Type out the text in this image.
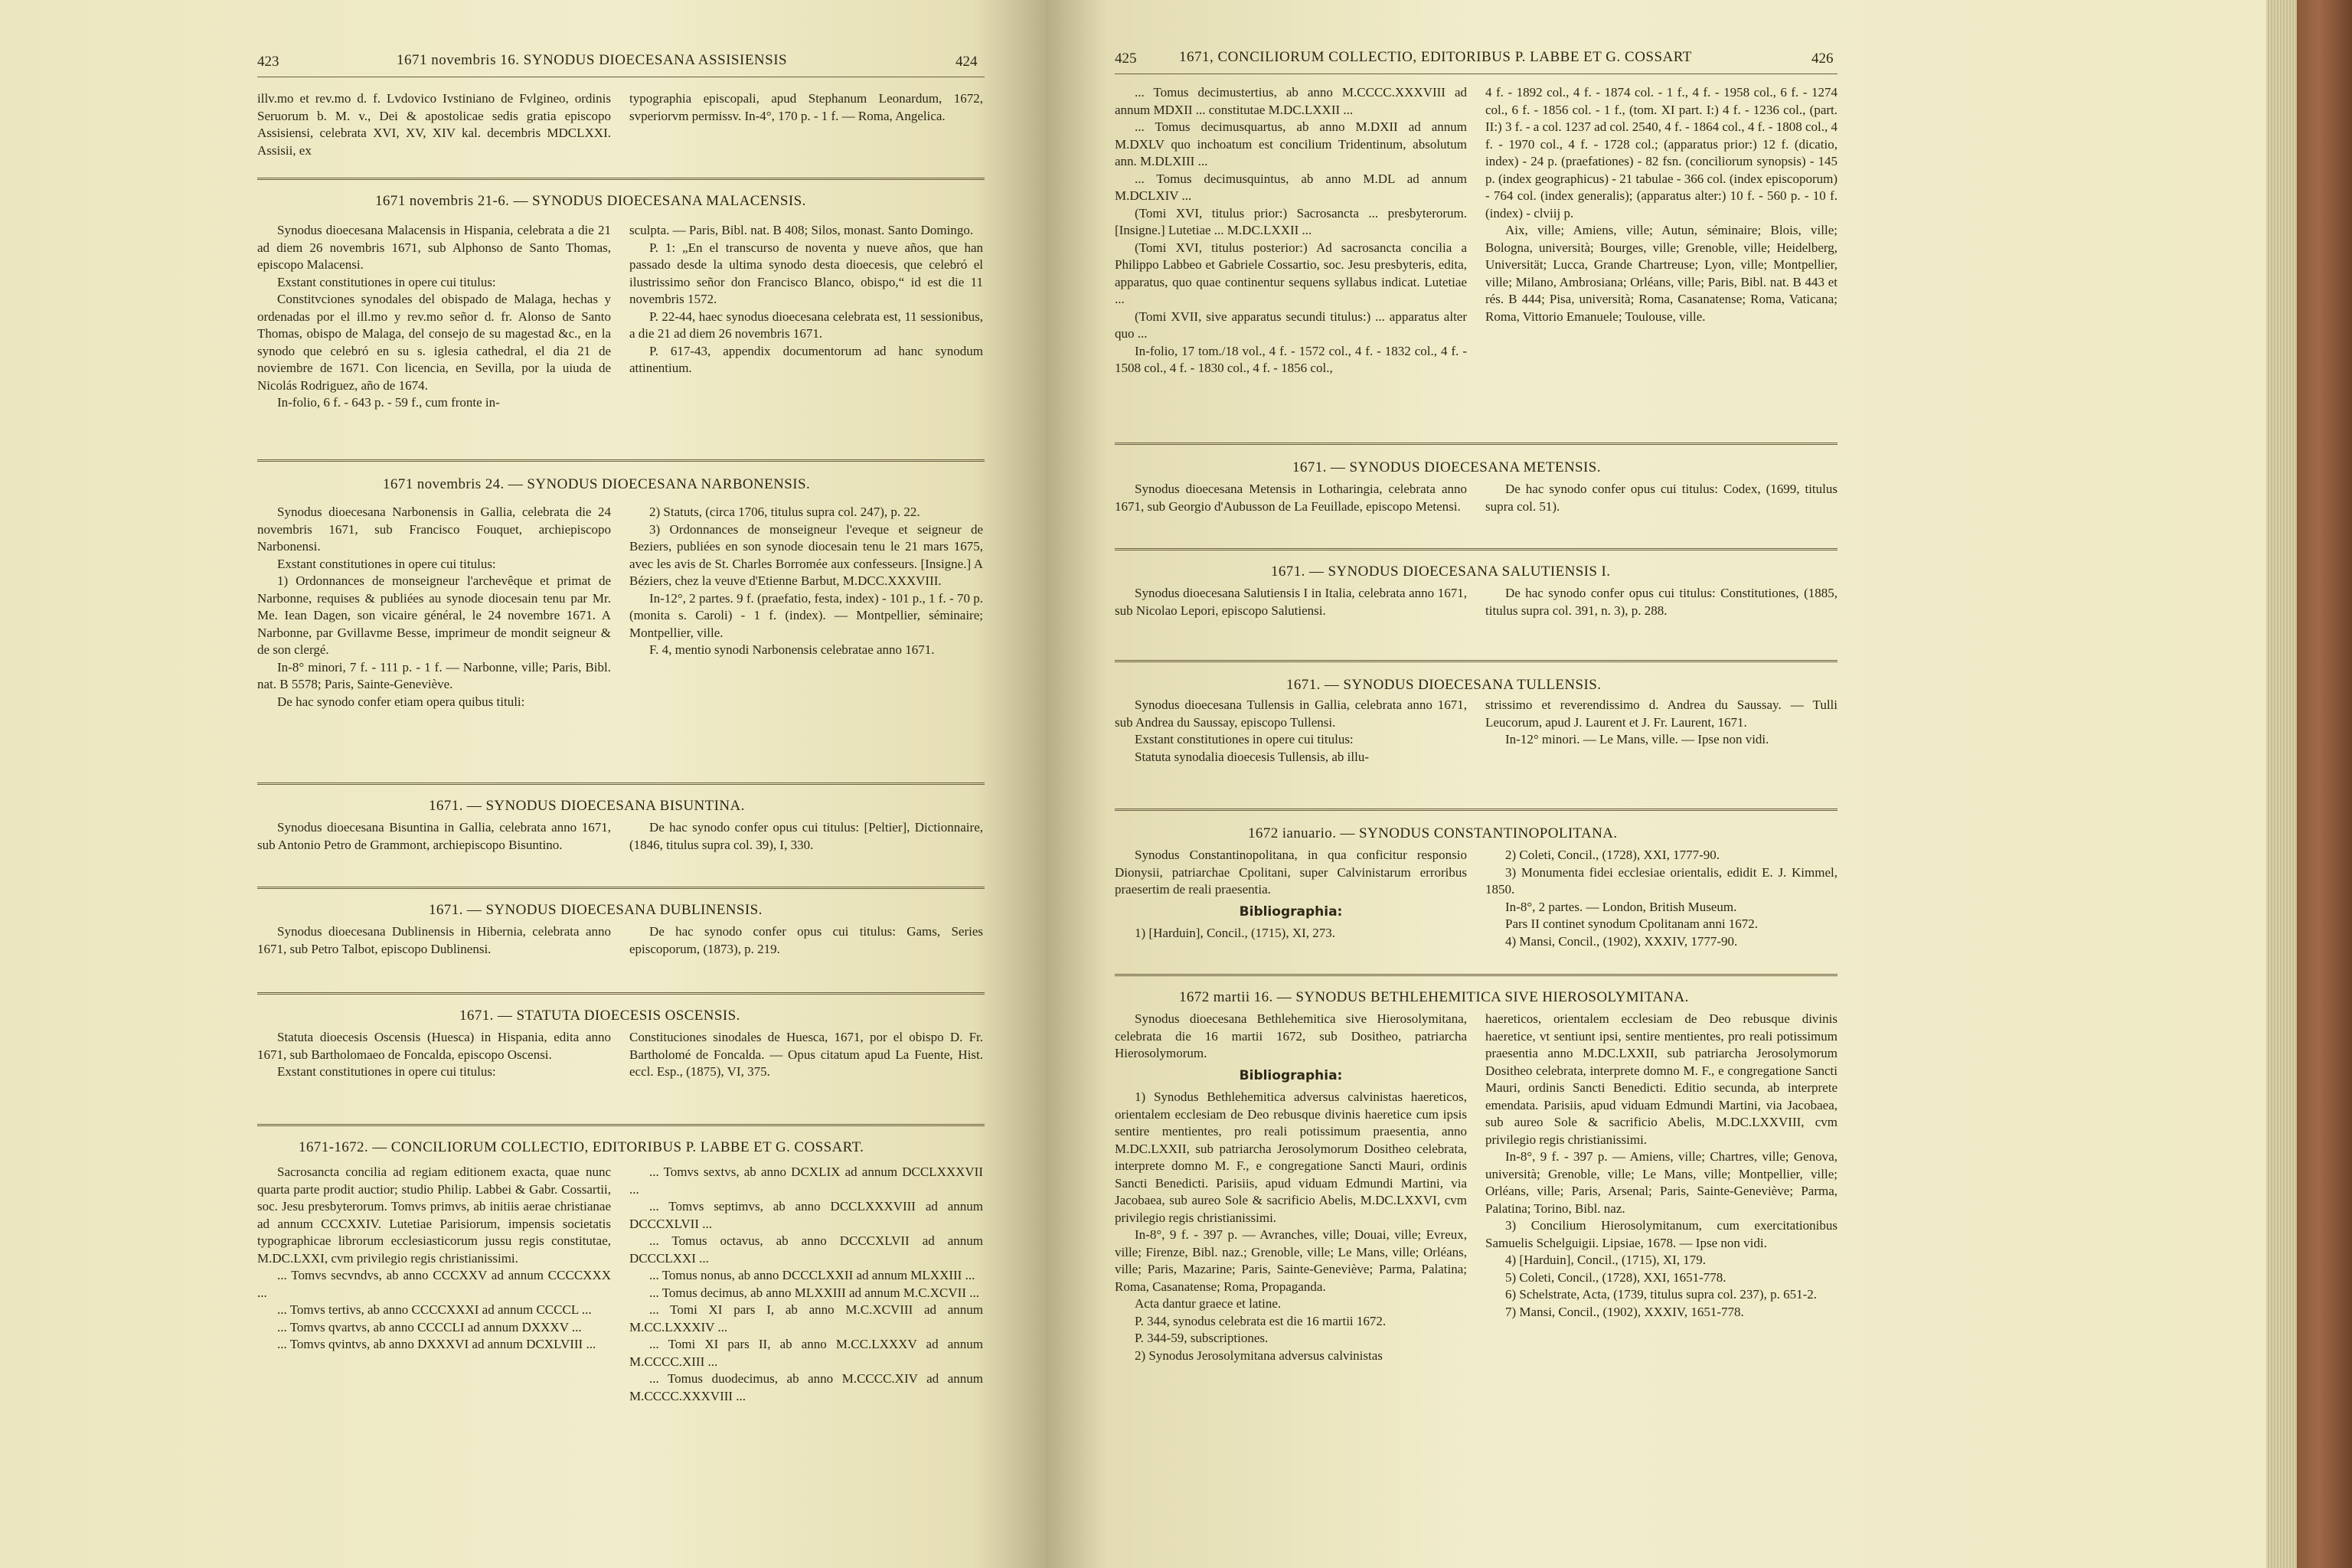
423	1671 novembris 16. SYNODUS DIOECESANA ASSISIENSIS	424

illv.mo et rev.mo d. f. Lvdovico Ivstiniano de Fvlgineo, ordinis Seruorum b. M. v., Dei & apostolicae sedis gratia episcopo Assisiensi, celebrata XVI, XV, XIV kal. decembris MDCLXXI. Assisii, ex

typographia episcopali, apud Stephanum Leonardum, 1672, svperiorvm permissv. In-4°, 170 p. - 1 f. — Roma, Angelica.

1671 novembris 21-6. — SYNODUS DIOECESANA MALACENSIS.

Synodus dioecesana Malacensis in Hispania, celebrata a die 21 ad diem 26 novembris 1671, sub Alphonso de Santo Thomas, episcopo Malacensi.

Exstant constitutiones in opere cui titulus:

Constitvciones synodales del obispado de Malaga, hechas y ordenadas por el ill.mo y rev.mo señor d. fr. Alonso de Santo Thomas, obispo de Malaga, del consejo de su magestad &c., en la synodo que celebró en su s. iglesia cathedral, el dia 21 de noviembre de 1671. Con licencia, en Sevilla, por la uiuda de Nicolás Rodriguez, año de 1674.

In-folio, 6 f. - 643 p. - 59 f., cum fronte in-

sculpta. — Paris, Bibl. nat. B 408; Silos, monast. Santo Domingo.

P. 1: „En el transcurso de noventa y nueve años, que han passado desde la ultima synodo desta dioecesis, que celebró el ilustrissimo señor don Francisco Blanco, obispo,“ id est die 11 novembris 1572.

P. 22-44, haec synodus dioecesana celebrata est, 11 sessionibus, a die 21 ad diem 26 novembris 1671.

P. 617-43, appendix documentorum ad hanc synodum attinentium.

1671 novembris 24. — SYNODUS DIOECESANA NARBONENSIS.

Synodus dioecesana Narbonensis in Gallia, celebrata die 24 novembris 1671, sub Francisco Fouquet, archiepiscopo Narbonensi.

Exstant constitutiones in opere cui titulus:

1) Ordonnances de monseigneur l'archevêque et primat de Narbonne, requises & publiées au synode diocesain tenu par Mr. Me. Iean Dagen, son vicaire général, le 24 novembre 1671. A Narbonne, par Gvillavme Besse, imprimeur de mondit seigneur & de son clergé.

In-8° minori, 7 f. - 111 p. - 1 f. — Narbonne, ville; Paris, Bibl. nat. B 5578; Paris, Sainte-Geneviève.

De hac synodo confer etiam opera quibus tituli:

2) Statuts, (circa 1706, titulus supra col. 247), p. 22.

3) Ordonnances de monseigneur l'eveque et seigneur de Beziers, publiées en son synode diocesain tenu le 21 mars 1675, avec les avis de St. Charles Borromée aux confesseurs. [Insigne.] A Béziers, chez la veuve d'Etienne Barbut, M.DCC.XXXVIII.

In-12°, 2 partes. 9 f. (praefatio, festa, index) - 101 p., 1 f. - 70 p. (monita s. Caroli) - 1 f. (index). — Montpellier, séminaire; Montpellier, ville.

F. 4, mentio synodi Narbonensis celebratae anno 1671.

1671. — SYNODUS DIOECESANA BISUNTINA.

Synodus dioecesana Bisuntina in Gallia, celebrata anno 1671, sub Antonio Petro de Grammont, archiepiscopo Bisuntino.

De hac synodo confer opus cui titulus: [Peltier], Dictionnaire, (1846, titulus supra col. 39), I, 330.

1671. — SYNODUS DIOECESANA DUBLINENSIS.

Synodus dioecesana Dublinensis in Hibernia, celebrata anno 1671, sub Petro Talbot, episcopo Dublinensi.

De hac synodo confer opus cui titulus: Gams, Series episcoporum, (1873), p. 219.

1671. — STATUTA DIOECESIS OSCENSIS.

Statuta dioecesis Oscensis (Huesca) in Hispania, edita anno 1671, sub Bartholomaeo de Foncalda, episcopo Oscensi.

Exstant constitutiones in opere cui titulus:

Constituciones sinodales de Huesca, 1671, por el obispo D. Fr. Bartholomé de Foncalda. — Opus citatum apud La Fuente, Hist. eccl. Esp., (1875), VI, 375.

1671-1672. — CONCILIORUM COLLECTIO, EDITORIBUS P. LABBE ET G. COSSART.

Sacrosancta concilia ad regiam editionem exacta, quae nunc quarta parte prodit auctior; studio Philip. Labbei & Gabr. Cossartii, soc. Jesu presbyterorum. Tomvs primvs, ab initiis aerae christianae ad annum CCCXXIV. Lutetiae Parisiorum, impensis societatis typographicae librorum ecclesiasticorum jussu regis constitutae, M.DC.LXXI, cvm privilegio regis christianissimi.

... Tomvs secvndvs, ab anno CCCXXV ad annum CCCCXXX ...

... Tomvs tertivs, ab anno CCCCXXXI ad annum CCCCL ...

... Tomvs qvartvs, ab anno CCCCLI ad annum DXXXV ...

... Tomvs qvintvs, ab anno DXXXVI ad annum DCXLVIII ...

... Tomvs sextvs, ab anno DCXLIX ad annum DCCLXXXVII ...

... Tomvs septimvs, ab anno DCCLXXXVIII ad annum DCCCXLVII ...

... Tomus octavus, ab anno DCCCXLVII ad annum DCCCLXXI ...

... Tomus nonus, ab anno DCCCLXXII ad annum MLXXIII ...

... Tomus decimus, ab anno MLXXIII ad annum M.C.XCVII ...

... Tomi XI pars I, ab anno M.C.XCVIII ad annum M.CC.LXXXIV ...

... Tomi XI pars II, ab anno M.CC.LXXXV ad annum M.CCCC.XIII ...

... Tomus duodecimus, ab anno M.CCCC.XIV ad annum M.CCCC.XXXVIII ...

425	1671, CONCILIORUM COLLECTIO, EDITORIBUS P. LABBE ET G. COSSART	426

... Tomus decimustertius, ab anno M.CCCC.XXXVIII ad annum MDXII ... constitutae M.DC.LXXII ...

... Tomus decimusquartus, ab anno M.DXII ad annum M.DXLV quo inchoatum est concilium Tridentinum, absolutum ann. M.DLXIII ...

... Tomus decimusquintus, ab anno M.DL ad annum M.DCLXIV ...

(Tomi XVI, titulus prior:) Sacrosancta ... presbyterorum. [Insigne.] Lutetiae ... M.DC.LXXII ...

(Tomi XVI, titulus posterior:) Ad sacrosancta concilia a Philippo Labbeo et Gabriele Cossartio, soc. Jesu presbyteris, edita, apparatus, quo quae continentur sequens syllabus indicat. Lutetiae ...

(Tomi XVII, sive apparatus secundi titulus:) ... apparatus alter quo ...

In-folio, 17 tom./18 vol., 4 f. - 1572 col., 4 f. - 1832 col., 4 f. - 1508 col., 4 f. - 1830 col., 4 f. - 1856 col.,

4 f. - 1892 col., 4 f. - 1874 col. - 1 f., 4 f. - 1958 col., 6 f. - 1274 col., 6 f. - 1856 col. - 1 f., (tom. XI part. I:) 4 f. - 1236 col., (part. II:) 3 f. - a col. 1237 ad col. 2540, 4 f. - 1864 col., 4 f. - 1808 col., 4 f. - 1970 col., 4 f. - 1728 col.; (apparatus prior:) 12 f. (dicatio, index) - 24 p. (praefationes) - 82 fsn. (conciliorum synopsis) - 145 p. (index geographicus) - 21 tabulae - 366 col. (index episcoporum) - 764 col. (index generalis); (apparatus alter:) 10 f. - 560 p. - 10 f. (index) - clviij p.

Aix, ville; Amiens, ville; Autun, séminaire; Blois, ville; Bologna, università; Bourges, ville; Grenoble, ville; Heidelberg, Universität; Lucca, Grande Chartreuse; Lyon, ville; Montpellier, ville; Milano, Ambrosiana; Orléans, ville; Paris, Bibl. nat. B 443 et rés. B 444; Pisa, università; Roma, Casanatense; Roma, Vaticana; Roma, Vittorio Emanuele; Toulouse, ville.

1671. — SYNODUS DIOECESANA METENSIS.

Synodus dioecesana Metensis in Lotharingia, celebrata anno 1671, sub Georgio d'Aubusson de La Feuillade, episcopo Metensi.

De hac synodo confer opus cui titulus: Codex, (1699, titulus supra col. 51).

1671. — SYNODUS DIOECESANA SALUTIENSIS I.

Synodus dioecesana Salutiensis I in Italia, celebrata anno 1671, sub Nicolao Lepori, episcopo Salutiensi.

De hac synodo confer opus cui titulus: Constitutiones, (1885, titulus supra col. 391, n. 3), p. 288.

1671. — SYNODUS DIOECESANA TULLENSIS.

Synodus dioecesana Tullensis in Gallia, celebrata anno 1671, sub Andrea du Saussay, episcopo Tullensi.

Exstant constitutiones in opere cui titulus:

Statuta synodalia dioecesis Tullensis, ab illu-

strissimo et reverendissimo d. Andrea du Saussay. — Tulli Leucorum, apud J. Laurent et J. Fr. Laurent, 1671.

In-12° minori. — Le Mans, ville. — Ipse non vidi.

1672 ianuario. — SYNODUS CONSTANTINOPOLITANA.

Synodus Constantinopolitana, in qua conficitur responsio Dionysii, patriarchae Cpolitani, super Calvinistarum erroribus praesertim de reali praesentia.

Bibliographia:

1) [Harduin], Concil., (1715), XI, 273.

2) Coleti, Concil., (1728), XXI, 1777-90.

3) Monumenta fidei ecclesiae orientalis, edidit E. J. Kimmel, 1850.

In-8°, 2 partes. — London, British Museum.

Pars II continet synodum Cpolitanam anni 1672.

4) Mansi, Concil., (1902), XXXIV, 1777-90.

1672 martii 16. — SYNODUS BETHLEHEMITICA SIVE HIEROSOLYMITANA.

Synodus dioecesana Bethlehemitica sive Hierosolymitana, celebrata die 16 martii 1672, sub Dositheo, patriarcha Hierosolymorum.

Bibliographia:

1) Synodus Bethlehemitica adversus calvinistas haereticos, orientalem ecclesiam de Deo rebusque divinis haeretice cum ipsis sentire mentientes, pro reali potissimum praesentia, anno M.DC.LXXII, sub patriarcha Jerosolymorum Dositheo celebrata, interprete domno M. F., e congregatione Sancti Mauri, ordinis Sancti Benedicti. Parisiis, apud viduam Edmundi Martini, via Jacobaea, sub aureo Sole & sacrificio Abelis, M.DC.LXXVI, cvm privilegio regis christianissimi.

In-8°, 9 f. - 397 p. — Avranches, ville; Douai, ville; Evreux, ville; Firenze, Bibl. naz.; Grenoble, ville; Le Mans, ville; Orléans, ville; Paris, Mazarine; Paris, Sainte-Geneviève; Parma, Palatina; Roma, Casanatense; Roma, Propaganda.

Acta dantur graece et latine.

P. 344, synodus celebrata est die 16 martii 1672.

P. 344-59, subscriptiones.

2) Synodus Jerosolymitana adversus calvinistas

haereticos, orientalem ecclesiam de Deo rebusque divinis haeretice, vt sentiunt ipsi, sentire mentientes, pro reali potissimum praesentia anno M.DC.LXXII, sub patriarcha Jerosolymorum Dositheo celebrata, interprete domno M. F., e congregatione Sancti Mauri, ordinis Sancti Benedicti. Editio secunda, ab interprete emendata. Parisiis, apud viduam Edmundi Martini, via Jacobaea, sub aureo Sole & sacrificio Abelis, M.DC.LXXVIII, cvm privilegio regis christianissimi.

In-8°, 9 f. - 397 p. — Amiens, ville; Chartres, ville; Genova, università; Grenoble, ville; Le Mans, ville; Montpellier, ville; Orléans, ville; Paris, Arsenal; Paris, Sainte-Geneviève; Parma, Palatina; Torino, Bibl. naz.

3) Concilium Hierosolymitanum, cum exercitationibus Samuelis Schelguigii. Lipsiae, 1678. — Ipse non vidi.

4) [Harduin], Concil., (1715), XI, 179.

5) Coleti, Concil., (1728), XXI, 1651-778.

6) Schelstrate, Acta, (1739, titulus supra col. 237), p. 651-2.

7) Mansi, Concil., (1902), XXXIV, 1651-778.
